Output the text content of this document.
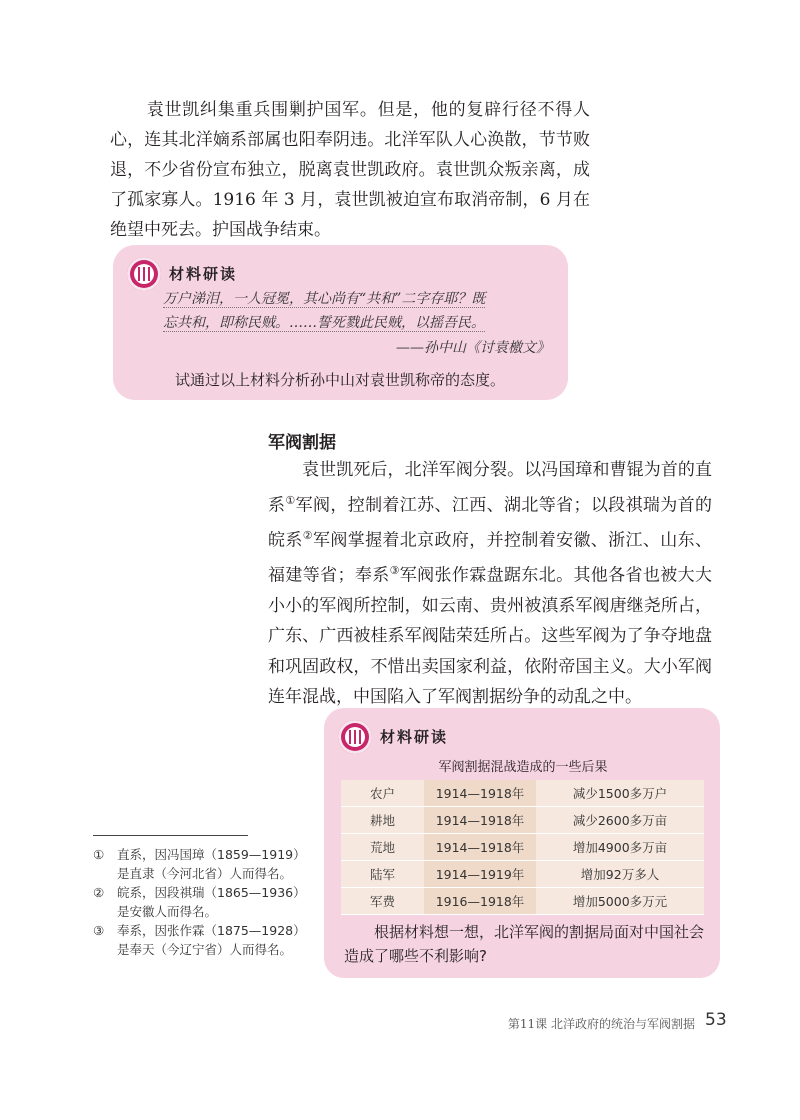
袁世凯纠集重兵围剿护国军。但是，他的复辟行径不得人心，连其北洋嫡系部属也阳奉阴违。北洋军队人心涣散，节节败退，不少省份宣布独立，脱离袁世凯政府。袁世凯众叛亲离，成了孤家寡人。1916 年 3 月，袁世凯被迫宣布取消帝制，6 月在绝望中死去。护国战争结束。

材料研读
万户涕泪，一人冠冕，其心尚有“共和”二字存耶？既
忘共和，即称民贼。……誓死戮此民贼，以摇吾民。
——孙中山《讨袁檄文》
试通过以上材料分析孙中山对袁世凯称帝的态度。
军阀割据

袁世凯死后，北洋军阀分裂。以冯国璋和曹锟为首的直系①军阀，控制着江苏、江西、湖北等省；以段祺瑞为首的皖系②军阀掌握着北京政府，并控制着安徽、浙江、山东、福建等省；奉系③军阀张作霖盘踞东北。其他各省也被大大小小的军阀所控制，如云南、贵州被滇系军阀唐继尧所占，广东、广西被桂系军阀陆荣廷所占。这些军阀为了争夺地盘和巩固政权，不惜出卖国家利益，依附帝国主义。大小军阀连年混战，中国陷入了军阀割据纷争的动乱之中。

材料研读
军阀割据混战造成的一些后果
农户	1914—1918年	减少1500多万户
耕地	1914—1918年	减少2600多万亩
荒地	1914—1918年	增加4900多万亩
陆军	1914—1919年	增加92万多人
军费	1916—1918年	增加5000多万元
根据材料想一想，北洋军阀的割据局面对中国社会造成了哪些不利影响?
① 直系，因冯国璋（1859—1919）
是直隶（今河北省）人而得名。
② 皖系，因段祺瑞（1865—1936）
是安徽人而得名。
③ 奉系，因张作霖（1875—1928）
是奉天（今辽宁省）人而得名。
第11课 北洋政府的统治与军阀割据 53
